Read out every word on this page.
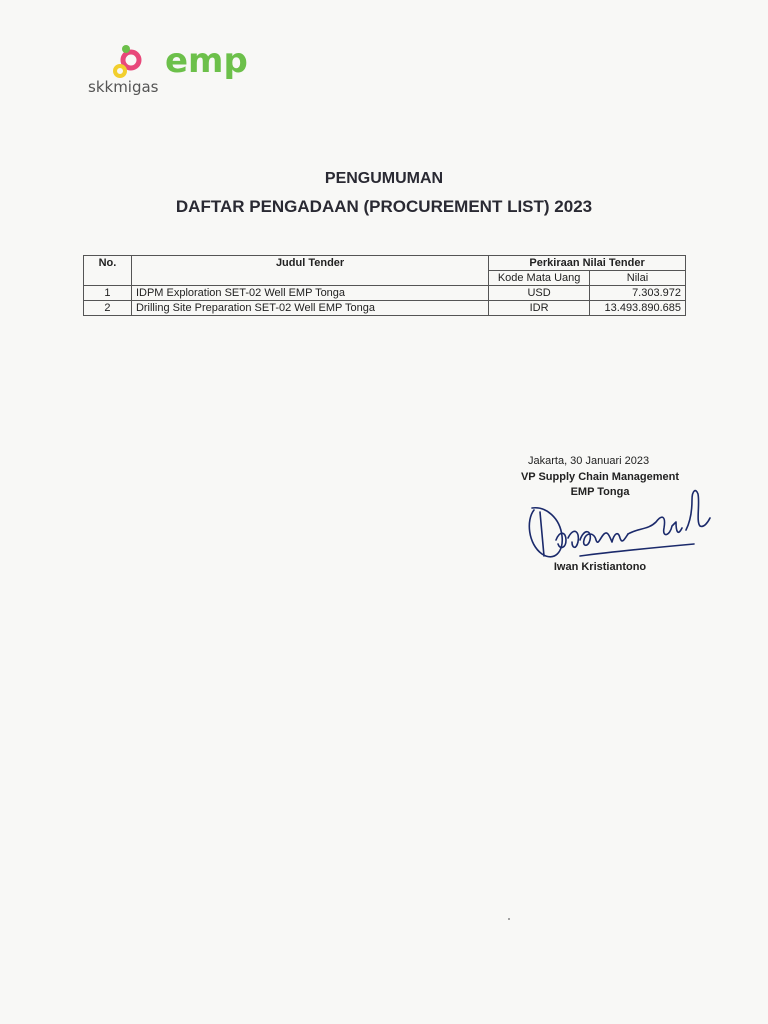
emp
skkmigas
PENGUMUMAN
DAFTAR PENGADAAN (PROCUREMENT LIST) 2023
No.	Judul Tender	Perkiraan Nilai Tender	
		Kode Mata Uang	Nilai
1	IDPM Exploration SET-02 Well EMP Tonga	USD	7.303.972
2	Drilling Site Preparation SET-02 Well EMP Tonga	IDR	13.493.890.685
Jakarta, 30 Januari 2023
VP Supply Chain Management
EMP Tonga
Iwan Kristiantono
